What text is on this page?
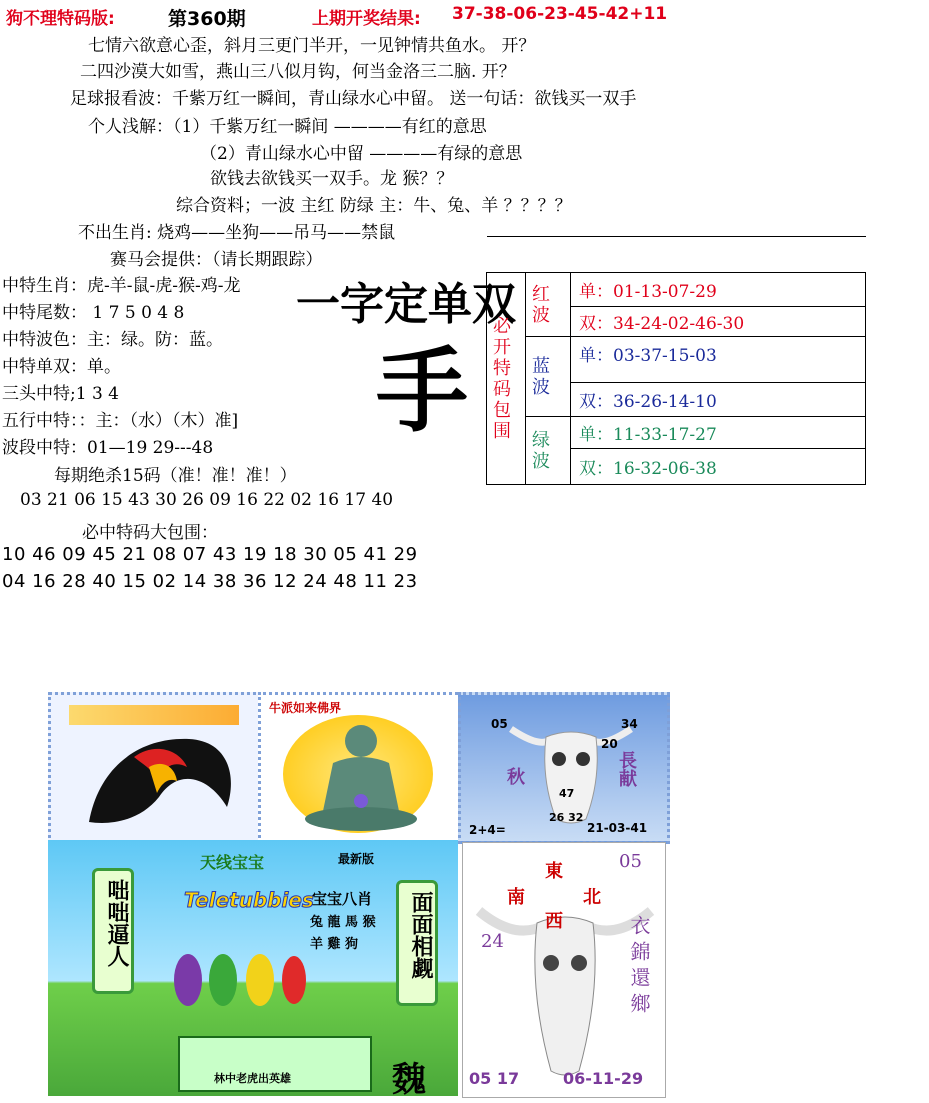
狗不理特码版:	第360期	上期开奖结果: 37-38-06-23-45-42+11
七情六欲意心歪，斜月三更门半开，一见钟情共鱼水。 开？
二四沙漠大如雪，燕山三八似月钩，何当金洛三二脑. 开？
足球报看波：千紫万红一瞬间，青山绿水心中留。 送一句话：欲钱买一双手
个人浅解：（1）千紫万红一瞬间 ————有红的意思
（2）青山绿水心中留 ————有绿的意思
欲钱去欲钱买一双手。龙 猴？？
综合资料；一波 主红 防绿 主：牛、兔、羊 ？？？？
不出生肖: 烧鸡——坐狗——吊马——禁鼠
赛马会提供：（请长期跟踪）
中特生肖：虎-羊-鼠-虎-猴-鸡-龙
中特尾数： 1 7 5 0 4 8
中特波色：主：绿。防：蓝。
中特单双：单。
三头中特;1 3 4
五行中特：：主：（水）（木）准]
波段中特：01—19 29---48
一字定单双
手
每期绝杀15码（准！准！准！）
03 21 06 15 43 30 26 09 16 22 02 16 17 40
必中特码大包围：
10 46 09 45 21 08 07 43 19 18 30 05 41 29
04 16 28 40 15 02 14 38 36 12 24 48 11 23

必开特码包围	红波	单：01-13-07-29
		双：34-24-02-46-30

	蓝波	单：03-37-15-03
		双：36-26-14-10

	绿波	单：11-33-17-27
		双：16-32-06-38
牛派如来佛界
05	34
20
秋	長献
47
26 32
2+4=	21-03-41
最新版
天线宝宝
Teletubbies
咄咄逼人	面面相觑
宝宝八肖
兔 龍 馬 猴 羊 雞 狗
林中老虎出英雄	魏
05
東
南	北
西
24	衣錦還鄉
05 17	06-11-29
